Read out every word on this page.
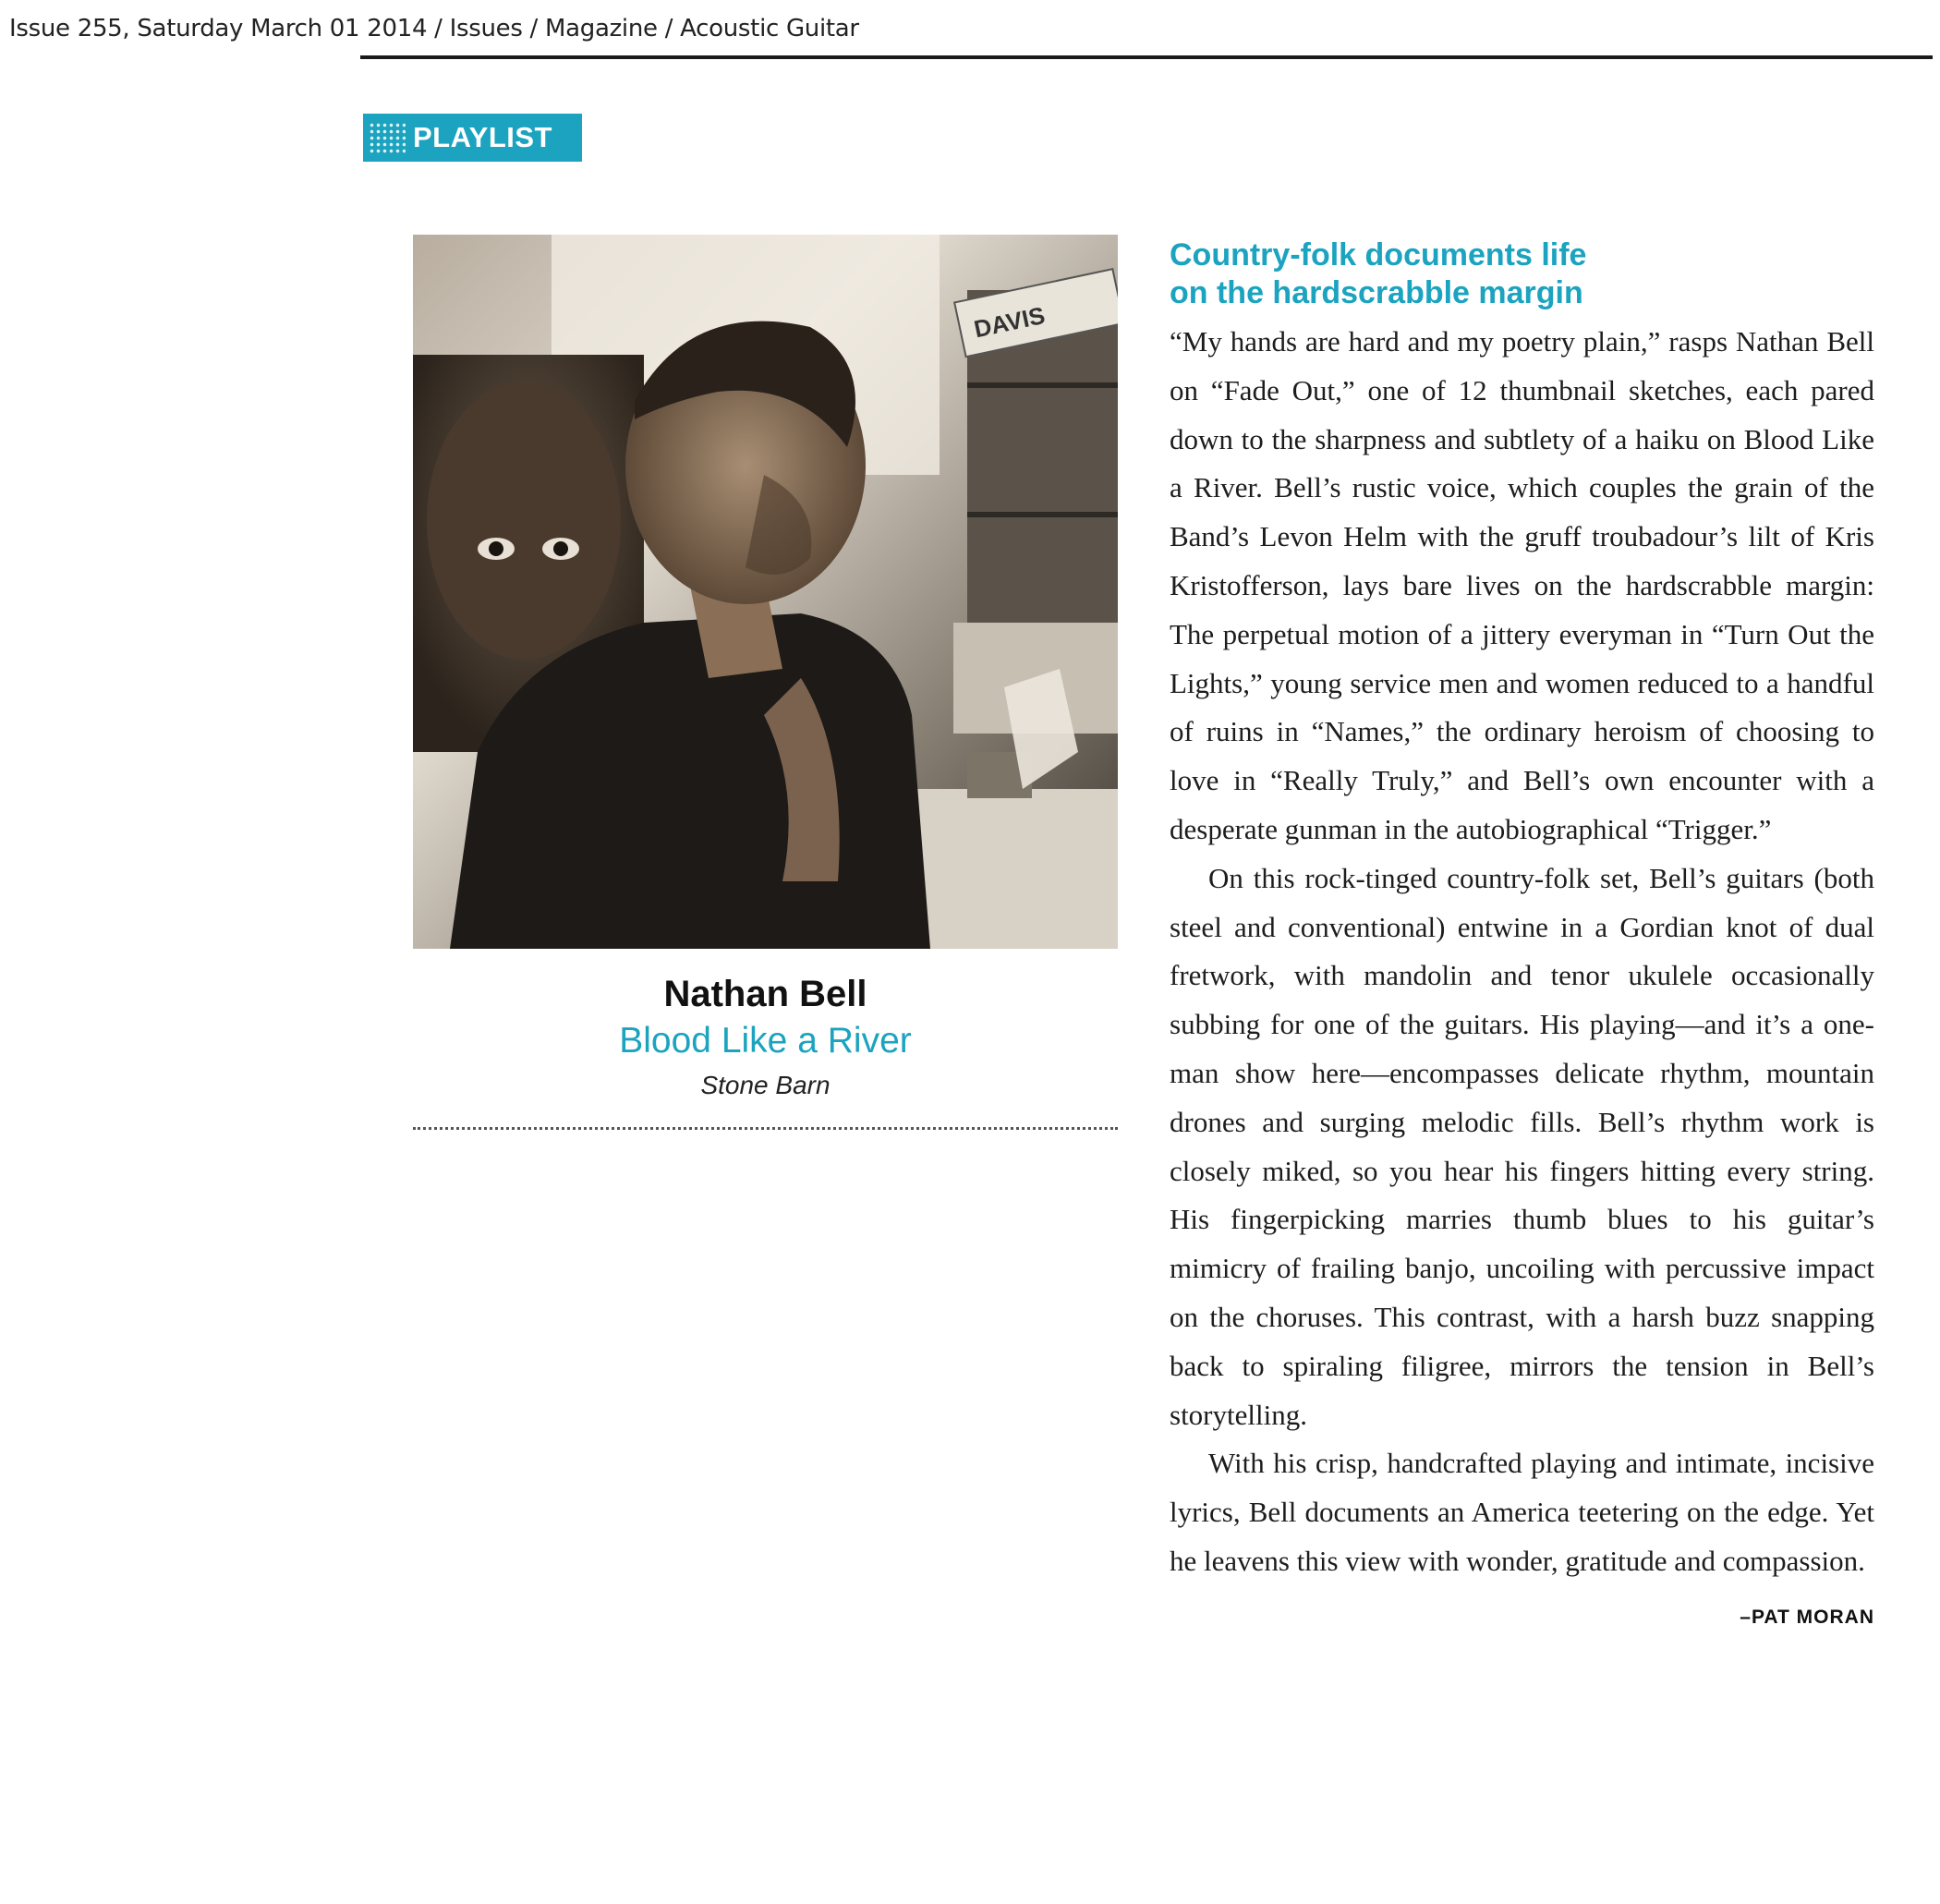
Issue 255, Saturday March 01 2014 / Issues / Magazine / Acoustic Guitar
PLAYLIST
DAVIS

Nathan Bell

Blood Like a River

Stone Barn

Country-folk documents life
on the hardscrabble margin

“My hands are hard and my poetry plain,” rasps Nathan Bell on “Fade Out,” one of 12 thumbnail sketches, each pared down to the sharpness and subtlety of a haiku on Blood Like a River. Bell’s rustic voice, which couples the grain of the Band’s Levon Helm with the gruff troubadour’s lilt of Kris Kristofferson, lays bare lives on the hardscrabble margin: The perpetual motion of a jittery everyman in “Turn Out the Lights,” young service men and women reduced to a handful of ruins in “Names,” the ordinary heroism of choosing to love in “Really Truly,” and Bell’s own encounter with a desperate gunman in the autobiographical “Trigger.”

On this rock-tinged country-folk set, Bell’s guitars (both steel and conventional) entwine in a Gordian knot of dual fretwork, with mandolin and tenor ukulele occasionally subbing for one of the guitars. His playing—and it’s a one-man show here—encompasses delicate rhythm, mountain drones and surging melodic fills. Bell’s rhythm work is closely miked, so you hear his fingers hitting every string. His fingerpicking marries thumb blues to his guitar’s mimicry of frailing banjo, uncoiling with percussive impact on the choruses. This contrast, with a harsh buzz snapping back to spiraling filigree, mirrors the tension in Bell’s storytelling.

With his crisp, handcrafted playing and intimate, incisive lyrics, Bell documents an America teetering on the edge. Yet he leavens this view with wonder, gratitude and compassion.
–PAT MORAN
